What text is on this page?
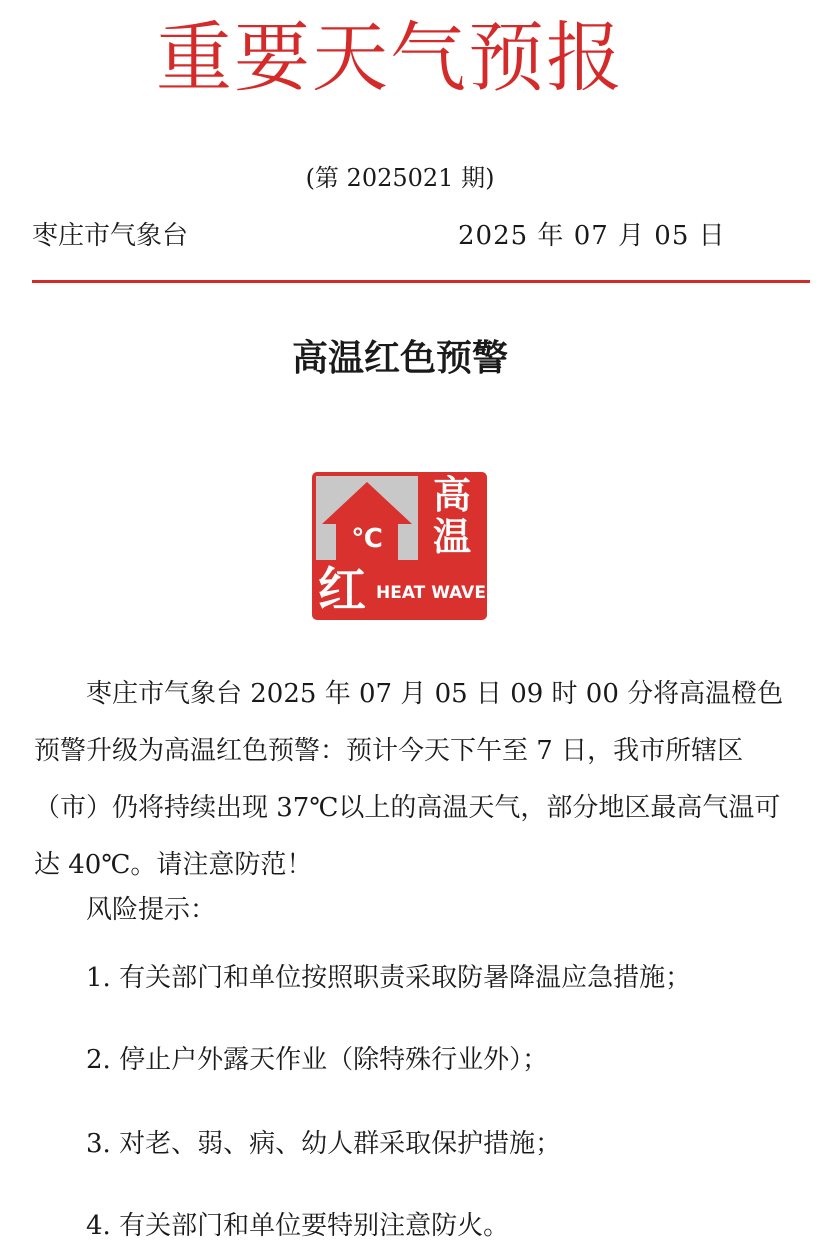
重要天气预报
(第 2025021 期)
枣庄市气象台	2025 年 07 月 05 日
高温红色预警
℃
高
温
红 HEAT WAVE
枣庄市气象台 2025 年 07 月 05 日 09 时 00 分将高温橙色预警升级为高温红色预警：预计今天下午至 7 日，我市所辖区（市）仍将持续出现 37℃以上的高温天气，部分地区最高气温可达 40℃。请注意防范！
风险提示：
1. 有关部门和单位按照职责采取防暑降温应急措施；
2. 停止户外露天作业（除特殊行业外）；
3. 对老、弱、病、幼人群采取保护措施；
4. 有关部门和单位要特别注意防火。
